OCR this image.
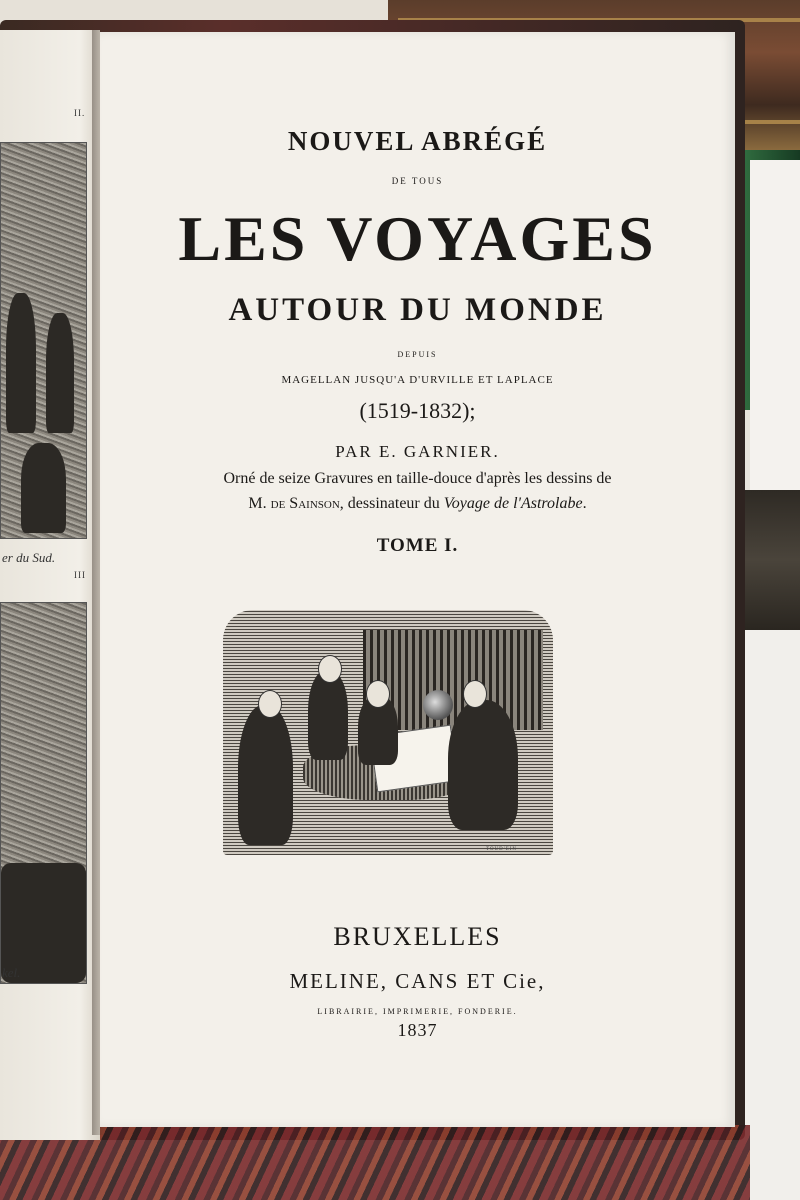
II.
er du Sud.
III
kel.
NOUVEL ABRÉGÉ
DE TOUS
LES VOYAGES
AUTOUR DU MONDE
DEPUIS
MAGELLAN JUSQU'A D'URVILLE ET LAPLACE
(1519-1832);
PAR E. GARNIER.
Orné de seize Gravures en taille-douce d'après les dessins de
M. de Sainson, dessinateur du Voyage de l'Astrolabe.
TOME I.
TOUD'EIN
BRUXELLES
MELINE, CANS ET Cie,
LIBRAIRIE, IMPRIMERIE, FONDERIE.
1837
